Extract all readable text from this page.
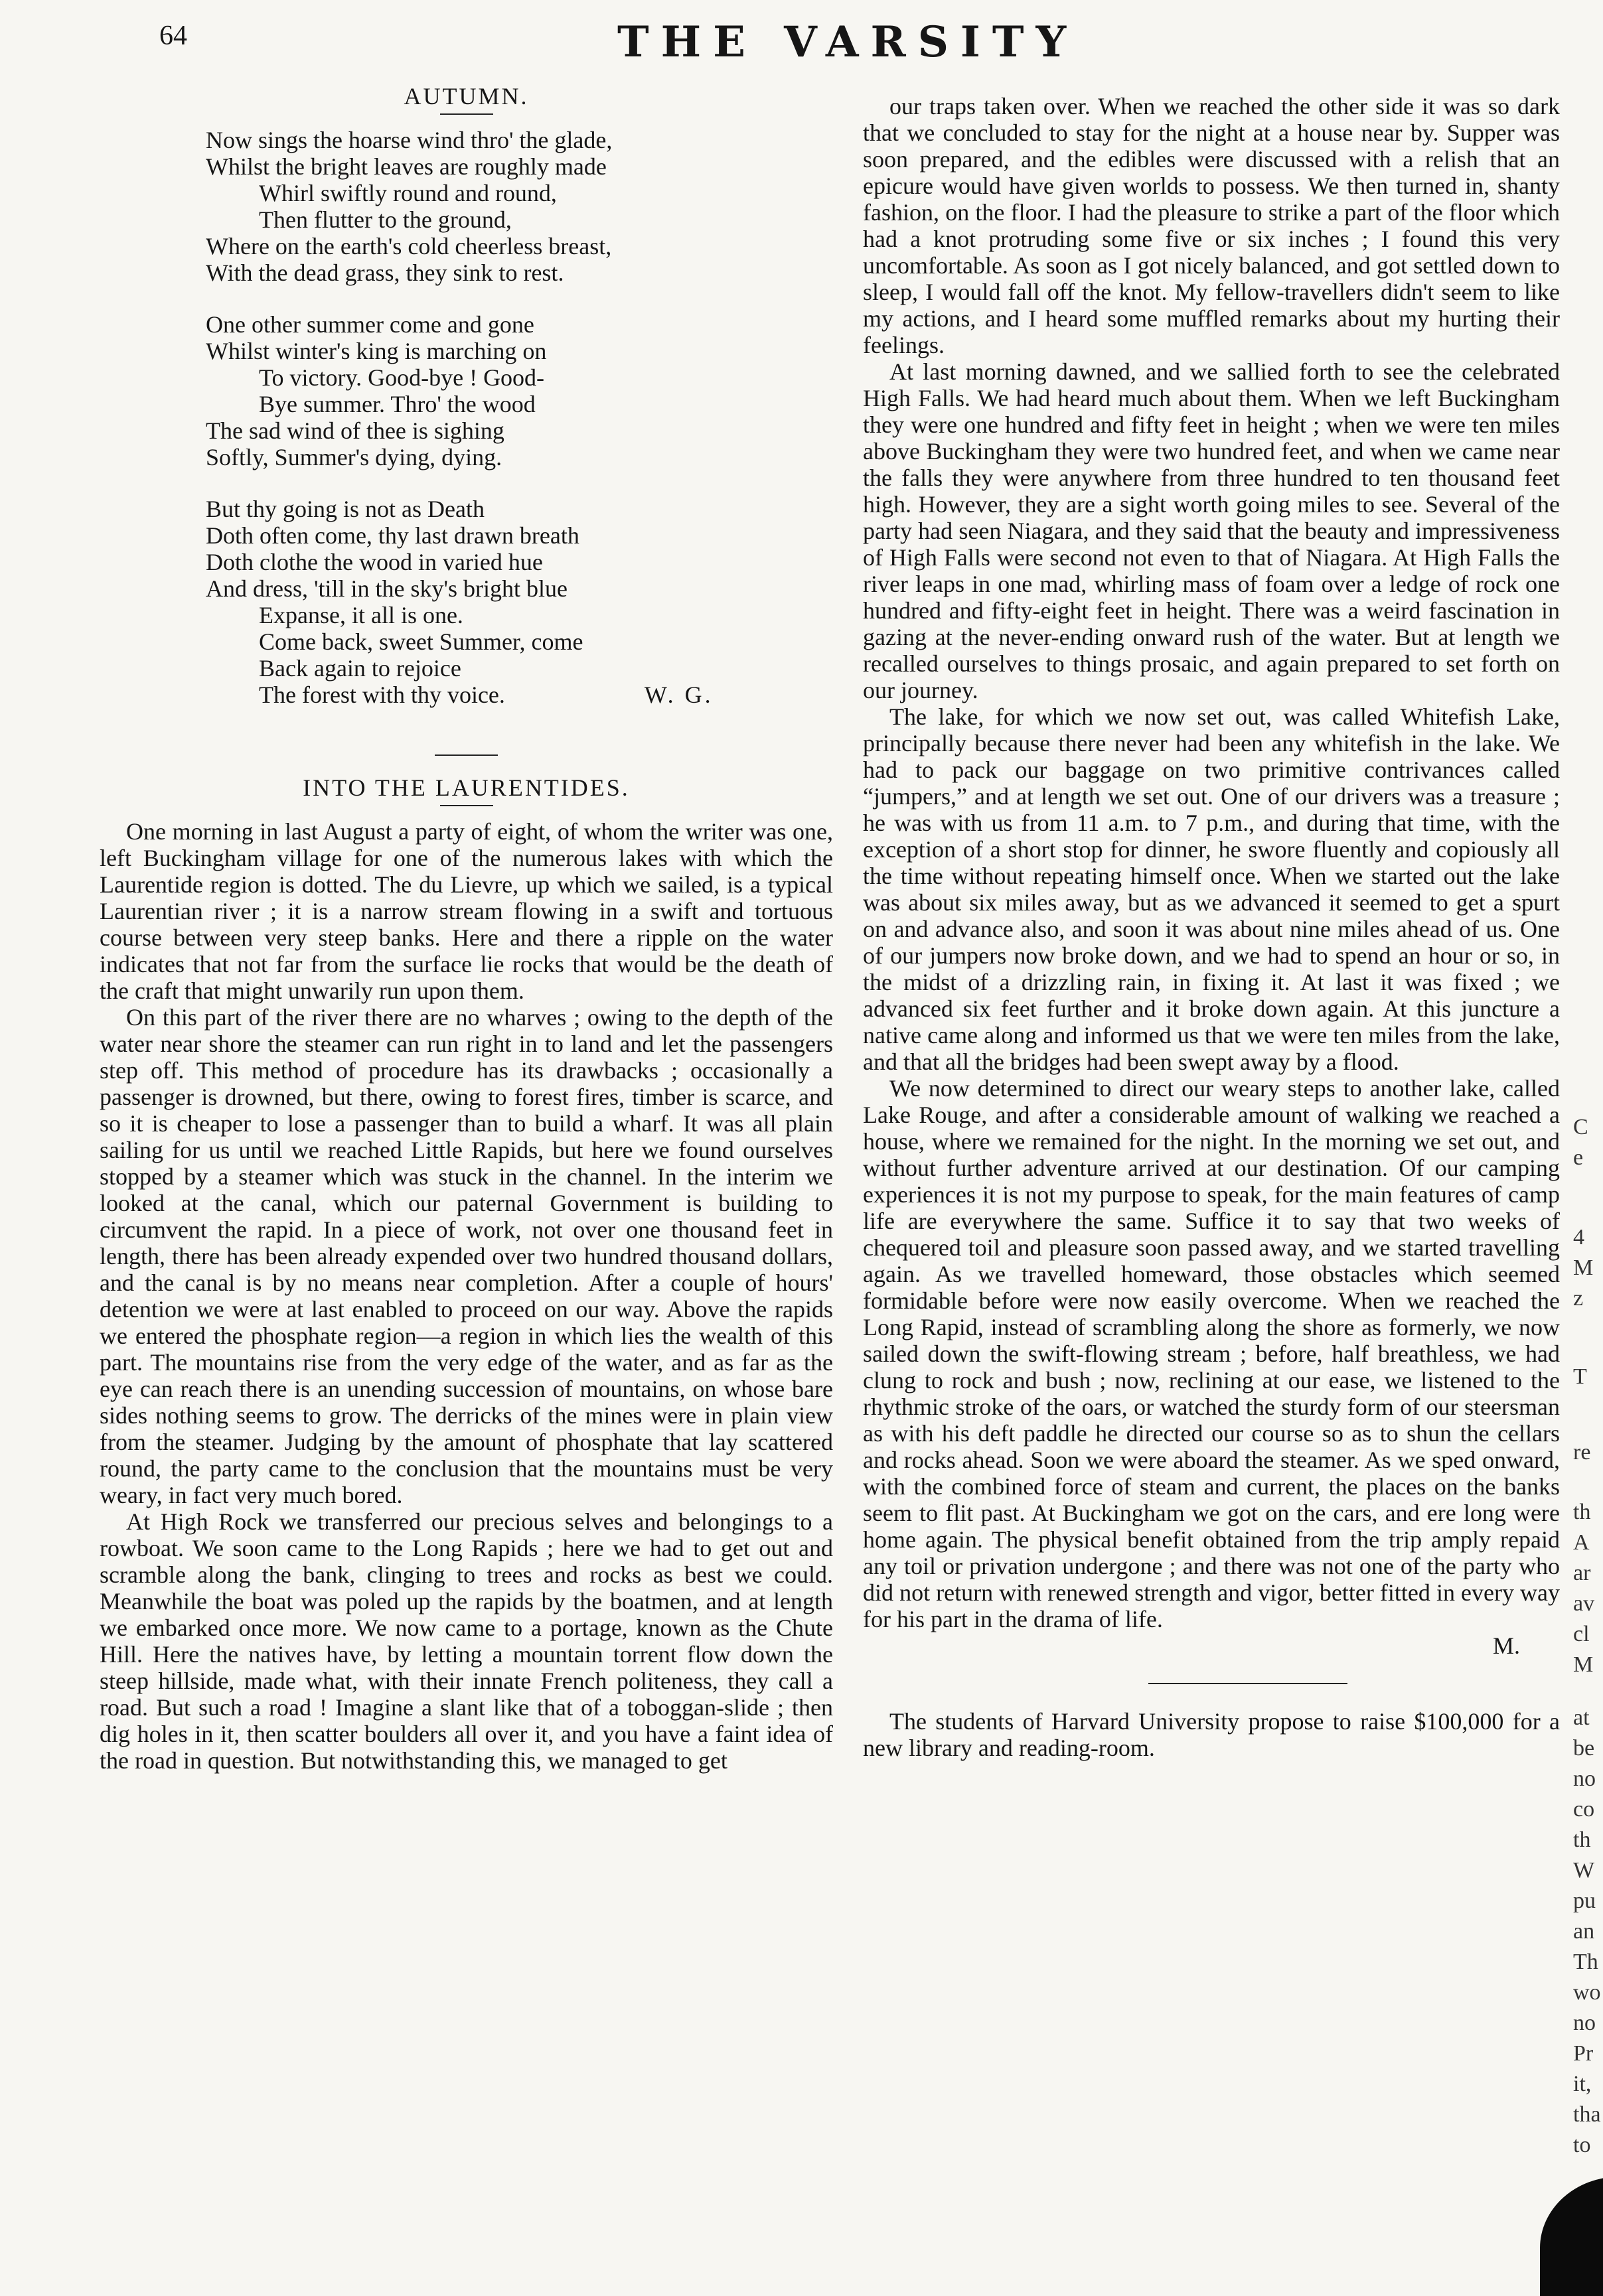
64	THE VARSITY
AUTUMN.
Now sings the hoarse wind thro' the glade,
Whilst the bright leaves are roughly made
Whirl swiftly round and round,
Then flutter to the ground,
Where on the earth's cold cheerless breast,
With the dead grass, they sink to rest.
One other summer come and gone
Whilst winter's king is marching on
To victory. Good-bye ! Good-
Bye summer. Thro' the wood
The sad wind of thee is sighing
Softly, Summer's dying, dying.
But thy going is not as Death
Doth often come, thy last drawn breath
Doth clothe the wood in varied hue
And dress, 'till in the sky's bright blue
Expanse, it all is one.
Come back, sweet Summer, come
Back again to rejoice
The forest with thy voice.	W. G.
INTO THE LAURENTIDES.

One morning in last August a party of eight, of whom the writer was one, left Buckingham village for one of the numerous lakes with which the Laurentide region is dotted. The du Lievre, up which we sailed, is a typical Laurentian river ; it is a narrow stream flowing in a swift and tortuous course between very steep banks. Here and there a ripple on the water indicates that not far from the surface lie rocks that would be the death of the craft that might unwarily run upon them.

On this part of the river there are no wharves ; owing to the depth of the water near shore the steamer can run right in to land and let the passengers step off. This method of procedure has its drawbacks ; occasionally a passenger is drowned, but there, owing to forest fires, timber is scarce, and so it is cheaper to lose a passenger than to build a wharf. It was all plain sailing for us until we reached Little Rapids, but here we found ourselves stopped by a steamer which was stuck in the channel. In the interim we looked at the canal, which our paternal Government is building to circumvent the rapid. In a piece of work, not over one thousand feet in length, there has been already expended over two hundred thousand dollars, and the canal is by no means near completion. After a couple of hours' detention we were at last enabled to proceed on our way. Above the rapids we entered the phosphate region—a region in which lies the wealth of this part. The mountains rise from the very edge of the water, and as far as the eye can reach there is an unending succession of mountains, on whose bare sides nothing seems to grow. The derricks of the mines were in plain view from the steamer. Judging by the amount of phosphate that lay scattered round, the party came to the conclusion that the mountains must be very weary, in fact very much bored.

At High Rock we transferred our precious selves and belongings to a rowboat. We soon came to the Long Rapids ; here we had to get out and scramble along the bank, clinging to trees and rocks as best we could. Meanwhile the boat was poled up the rapids by the boatmen, and at length we embarked once more. We now came to a portage, known as the Chute Hill. Here the natives have, by letting a mountain torrent flow down the steep hillside, made what, with their innate French politeness, they call a road. But such a road ! Imagine a slant like that of a toboggan-slide ; then dig holes in it, then scatter boulders all over it, and you have a faint idea of the road in question. But notwithstanding this, we managed to get

our traps taken over. When we reached the other side it was so dark that we concluded to stay for the night at a house near by. Supper was soon prepared, and the edibles were discussed with a relish that an epicure would have given worlds to possess. We then turned in, shanty fashion, on the floor. I had the pleasure to strike a part of the floor which had a knot protruding some five or six inches ; I found this very uncomfortable. As soon as I got nicely balanced, and got settled down to sleep, I would fall off the knot. My fellow-travellers didn't seem to like my actions, and I heard some muffled remarks about my hurting their feelings.

At last morning dawned, and we sallied forth to see the celebrated High Falls. We had heard much about them. When we left Buckingham they were one hundred and fifty feet in height ; when we were ten miles above Buckingham they were two hundred feet, and when we came near the falls they were anywhere from three hundred to ten thousand feet high. However, they are a sight worth going miles to see. Several of the party had seen Niagara, and they said that the beauty and impressiveness of High Falls were second not even to that of Niagara. At High Falls the river leaps in one mad, whirling mass of foam over a ledge of rock one hundred and fifty-eight feet in height. There was a weird fascination in gazing at the never-ending onward rush of the water. But at length we recalled ourselves to things prosaic, and again prepared to set forth on our journey.

The lake, for which we now set out, was called Whitefish Lake, principally because there never had been any whitefish in the lake. We had to pack our baggage on two primitive contrivances called “jumpers,” and at length we set out. One of our drivers was a treasure ; he was with us from 11 a.m. to 7 p.m., and during that time, with the exception of a short stop for dinner, he swore fluently and copiously all the time without repeating himself once. When we started out the lake was about six miles away, but as we advanced it seemed to get a spurt on and advance also, and soon it was about nine miles ahead of us. One of our jumpers now broke down, and we had to spend an hour or so, in the midst of a drizzling rain, in fixing it. At last it was fixed ; we advanced six feet further and it broke down again. At this juncture a native came along and informed us that we were ten miles from the lake, and that all the bridges had been swept away by a flood.

We now determined to direct our weary steps to another lake, called Lake Rouge, and after a considerable amount of walking we reached a house, where we remained for the night. In the morning we set out, and without further adventure arrived at our destination. Of our camping experiences it is not my purpose to speak, for the main features of camp life are everywhere the same. Suffice it to say that two weeks of chequered toil and pleasure soon passed away, and we started travelling again. As we travelled homeward, those obstacles which seemed formidable before were now easily overcome. When we reached the Long Rapid, instead of scrambling along the shore as formerly, we now sailed down the swift-flowing stream ; before, half breathless, we had clung to rock and bush ; now, reclining at our ease, we listened to the rhythmic stroke of the oars, or watched the sturdy form of our steersman as with his deft paddle he directed our course so as to shun the cellars and rocks ahead. Soon we were aboard the steamer. As we sped onward, with the combined force of steam and current, the places on the banks seem to flit past. At Buckingham we got on the cars, and ere long were home again. The physical benefit obtained from the trip amply repaid any toil or privation undergone ; and there was not one of the party who did not return with renewed strength and vigor, better fitted in every way for his part in the drama of life.

M.

The students of Harvard University propose to raise $100,000 for a new library and reading-room.

C
e
4
M
z
T
re
th
A
ar
av
cl
M
at
be
no
co
th
W
pu
an
Th
wo
no
Pr
it,
tha
to
